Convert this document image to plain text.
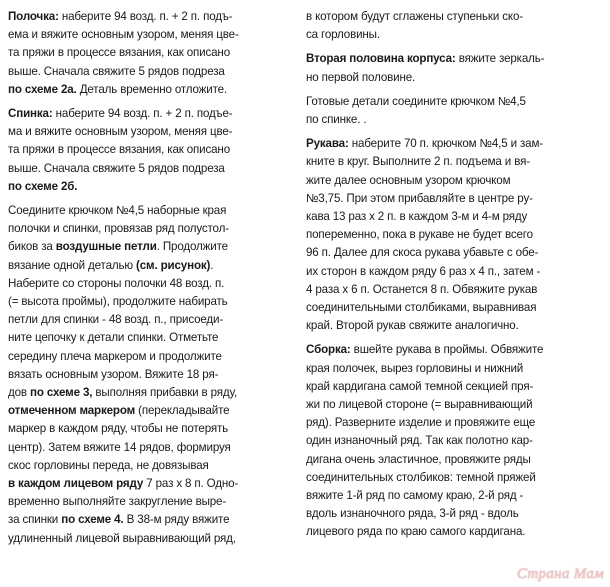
Полочка: наберите 94 возд. п. + 2 п. подъ-
ема и вяжите основным узором, меняя цве-
та пряжи в процессе вязания, как описано
выше. Сначала свяжите 5 рядов подреза
по схеме 2а. Деталь временно отложите.
Спинка: наберите 94 возд. п. + 2 п. подъе-
ма и вяжите основным узором, меняя цве-
та пряжи в процессе вязания, как описано
выше. Сначала свяжите 5 рядов подреза
по схеме 2б.
Соедините крючком №4,5 наборные края
полочки и спинки, провязав ряд полустол-
биков за воздушные петли. Продолжите
вязание одной деталью (см. рисунок).
Наберите со стороны полочки 48 возд. п.
(= высота проймы), продолжите набирать
петли для спинки - 48 возд. п., присоеди-
ните цепочку к детали спинки. Отметьте
середину плеча маркером и продолжите
вязать основным узором. Вяжите 18 ря-
дов по схеме 3, выполняя прибавки в ряду,
отмеченном маркером (перекладывайте
маркер в каждом ряду, чтобы не потерять
центр). Затем вяжите 14 рядов, формируя
скос горловины переда, не довязывая
в каждом лицевом ряду 7 раз х 8 п. Одно-
временно выполняйте закругление выре-
за спинки по схеме 4. В 38-м ряду вяжите
удлиненный лицевой выравнивающий ряд,
в котором будут сглажены ступеньки ско-
са горловины.
Вторая половина корпуса: вяжите зеркаль-
но первой половине.
Готовые детали соедините крючком №4,5
по спинке. .
Рукава: наберите 70 п. крючком №4,5 и зам-
кните в круг. Выполните 2 п. подъема и вя-
жите далее основным узором крючком
№3,75. При этом прибавляйте в центре ру-
кава 13 раз х 2 п. в каждом 3-м и 4-м ряду
попеременно, пока в рукаве не будет всего
96 п. Далее для скоса рукава убавьте с обе-
их сторон в каждом ряду 6 раз х 4 п., затем -
4 раза х 6 п. Останется 8 п. Обвяжите рукав
соединительными столбиками, выравнивая
край. Второй рукав свяжите аналогично.
Сборка: вшейте рукава в проймы. Обвяжите
края полочек, вырез горловины и нижний
край кардигана самой темной секцией пря-
жи по лицевой стороне (= выравнивающий
ряд). Разверните изделие и провяжите еще
один изнаночный ряд. Так как полотно кар-
дигана очень эластичное, провяжите ряды
соединительных столбиков: темной пряжей
вяжите 1-й ряд по самому краю, 2-й ряд -
вдоль изнаночного ряда, 3-й ряд - вдоль
лицевого ряда по краю самого кардигана.
Страна Мам
